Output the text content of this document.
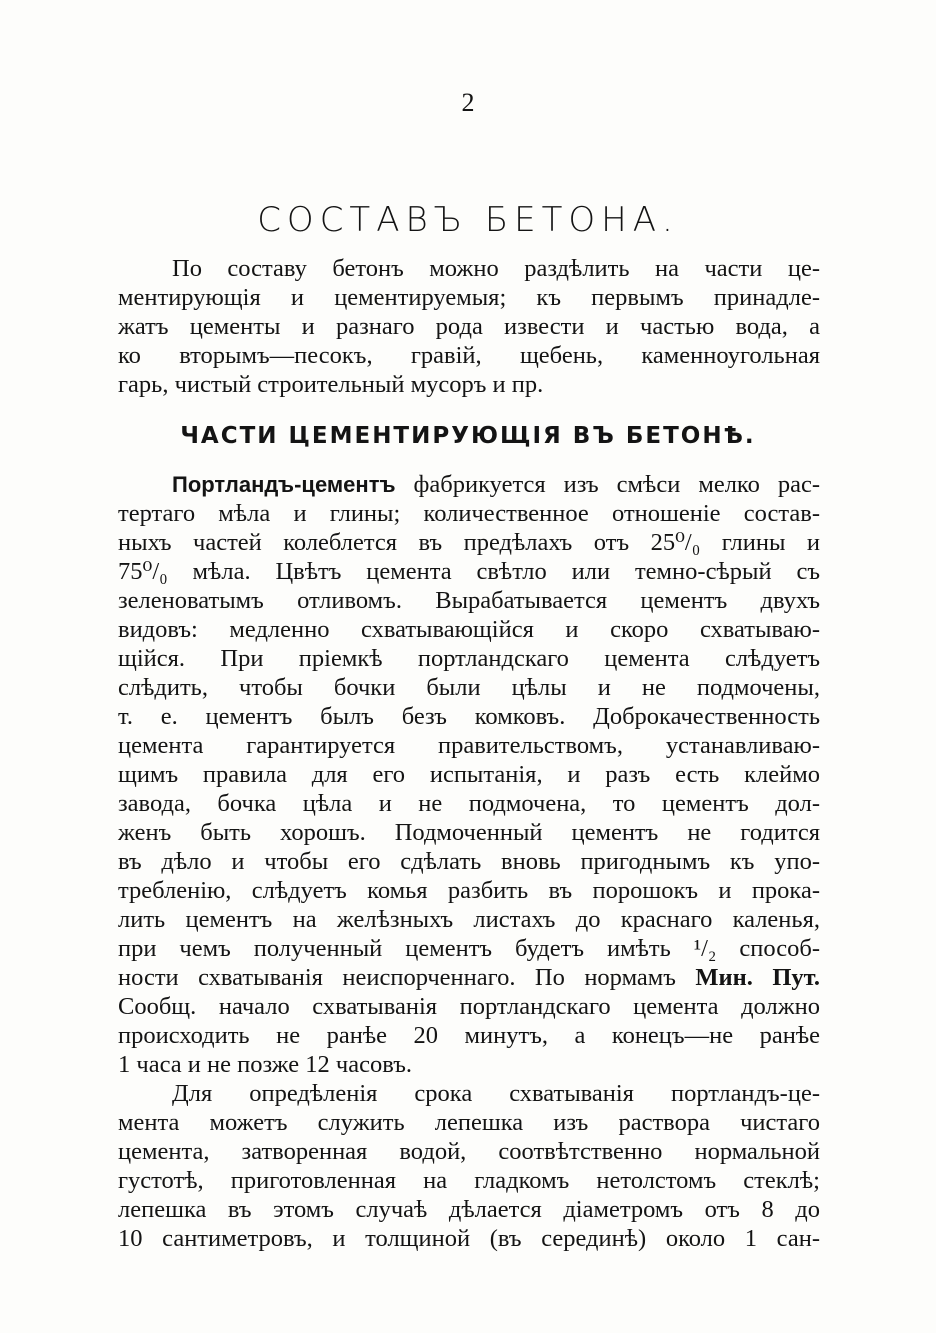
2
СОСТАВЪ БЕТОНА.
По составу бетонъ можно раздѣлить на части це-
ментирующія и цементируемыя; къ первымъ принадле-
жатъ цементы и разнаго рода извести и частью вода, а
ко вторымъ—песокъ, гравій, щебень, каменноугольная
гарь, чистый строительный мусоръ и пр.
ЧАСТИ ЦЕМЕНТИРУЮЩІЯ ВЪ БЕТОНѢ.
Портландъ-цементъ фабрикуется изъ смѣси мелко рас-
тертаго мѣла и глины; количественное отношеніе состав-
ныхъ частей колеблется въ предѣлахъ отъ 25⁰/₀ глины и
75⁰/₀ мѣла. Цвѣтъ цемента свѣтло или темно-сѣрый съ
зеленоватымъ отливомъ. Вырабатывается цементъ двухъ
видовъ: медленно схватывающійся и скоро схватываю-
щійся. При пріемкѣ портландскаго цемента слѣдуетъ
слѣдить, чтобы бочки были цѣлы и не подмочены,
т. е. цементъ былъ безъ комковъ. Доброкачественность
цемента гарантируется правительствомъ, устанавливаю-
щимъ правила для его испытанія, и разъ есть клеймо
завода, бочка цѣла и не подмочена, то цементъ дол-
женъ быть хорошъ. Подмоченный цементъ не годится
въ дѣло и чтобы его сдѣлать вновь пригоднымъ къ упо-
требленію, слѣдуетъ комья разбить въ порошокъ и прока-
лить цементъ на желѣзныхъ листахъ до краснаго каленья,
при чемъ полученный цементъ будетъ имѣть ¹/₂ способ-
ности схватыванія неиспорченнаго. По нормамъ Мин. Пут.
Сообщ. начало схватыванія портландскаго цемента должно
происходить не ранѣе 20 минутъ, а конецъ—не ранѣе
1 часа и не позже 12 часовъ.
Для опредѣленія срока схватыванія портландъ-це-
мента можетъ служить лепешка изъ раствора чистаго
цемента, затворенная водой, соотвѣтственно нормальной
густотѣ, приготовленная на гладкомъ нетолстомъ стеклѣ;
лепешка въ этомъ случаѣ дѣлается діаметромъ отъ 8 до
10 сантиметровъ, и толщиной (въ серединѣ) около 1 сан-
